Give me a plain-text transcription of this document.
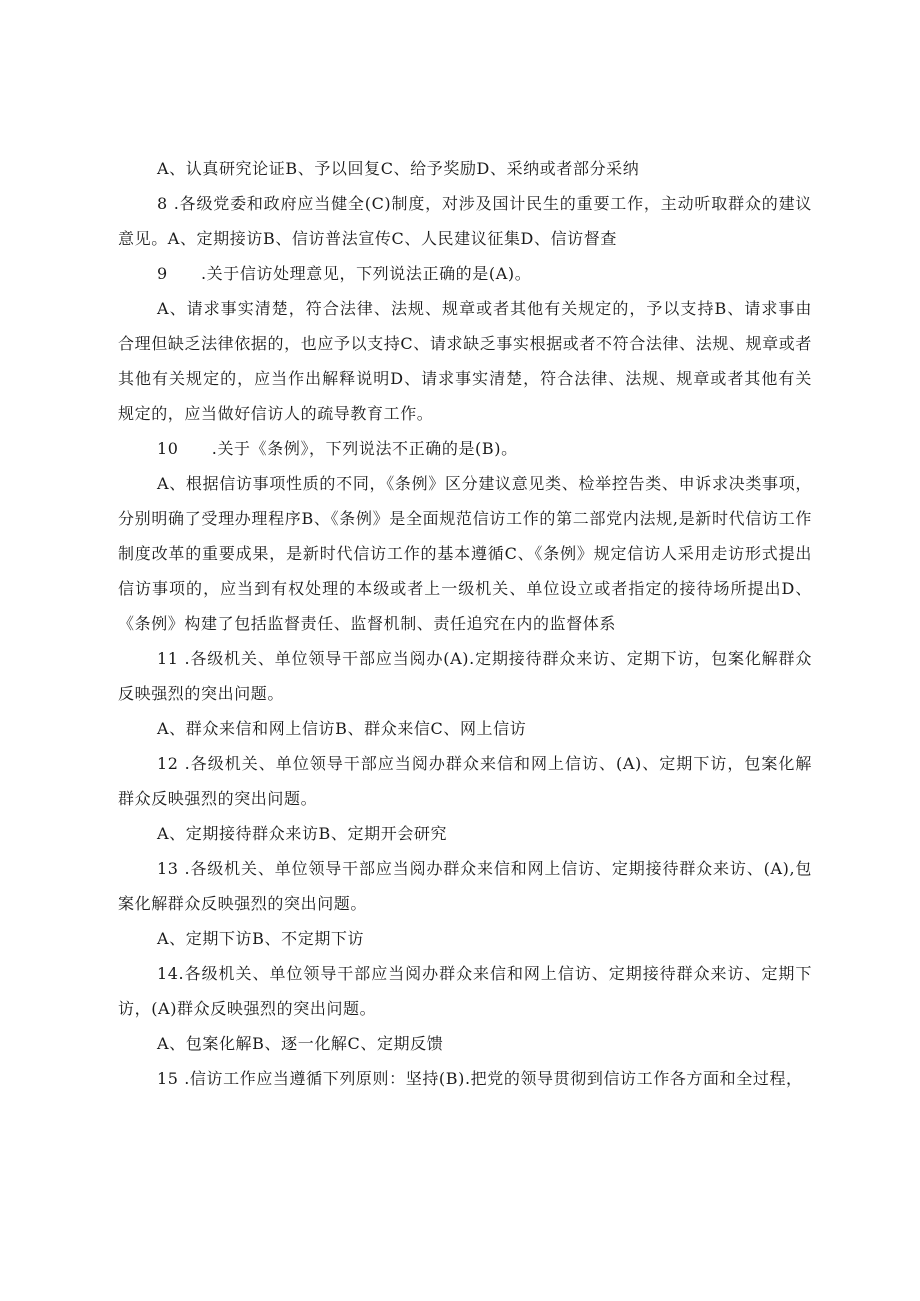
A、认真研究论证B、予以回复C、给予奖励D、采纳或者部分采纳

8 .各级党委和政府应当健全(C)制度，对涉及国计民生的重要工作，主动听取群众的建议意见。A、定期接访B、信访普法宣传C、人民建议征集D、信访督查

9　　.关于信访处理意见，下列说法正确的是(A)。

A、请求事实清楚，符合法律、法规、规章或者其他有关规定的，予以支持B、请求事由合理但缺乏法律依据的，也应予以支持C、请求缺乏事实根据或者不符合法律、法规、规章或者其他有关规定的，应当作出解释说明D、请求事实清楚，符合法律、法规、规章或者其他有关规定的，应当做好信访人的疏导教育工作。

10　　.关于《条例》，下列说法不正确的是(B)。

A、根据信访事项性质的不同，《条例》区分建议意见类、检举控告类、申诉求决类事项，分别明确了受理办理程序B、《条例》是全面规范信访工作的第二部党内法规,是新时代信访工作制度改革的重要成果，是新时代信访工作的基本遵循C、《条例》规定信访人采用走访形式提出信访事项的，应当到有权处理的本级或者上一级机关、单位设立或者指定的接待场所提出D、《条例》构建了包括监督责任、监督机制、责任追究在内的监督体系

11 .各级机关、单位领导干部应当阅办(A).定期接待群众来访、定期下访，包案化解群众反映强烈的突出问题。

A、群众来信和网上信访B、群众来信C、网上信访

12 .各级机关、单位领导干部应当阅办群众来信和网上信访、(A)、定期下访，包案化解群众反映强烈的突出问题。

A、定期接待群众来访B、定期开会研究

13 .各级机关、单位领导干部应当阅办群众来信和网上信访、定期接待群众来访、(A),包案化解群众反映强烈的突出问题。

A、定期下访B、不定期下访

14.各级机关、单位领导干部应当阅办群众来信和网上信访、定期接待群众来访、定期下访，(A)群众反映强烈的突出问题。

A、包案化解B、逐一化解C、定期反馈

15 .信访工作应当遵循下列原则：坚持(B).把党的领导贯彻到信访工作各方面和全过程，
